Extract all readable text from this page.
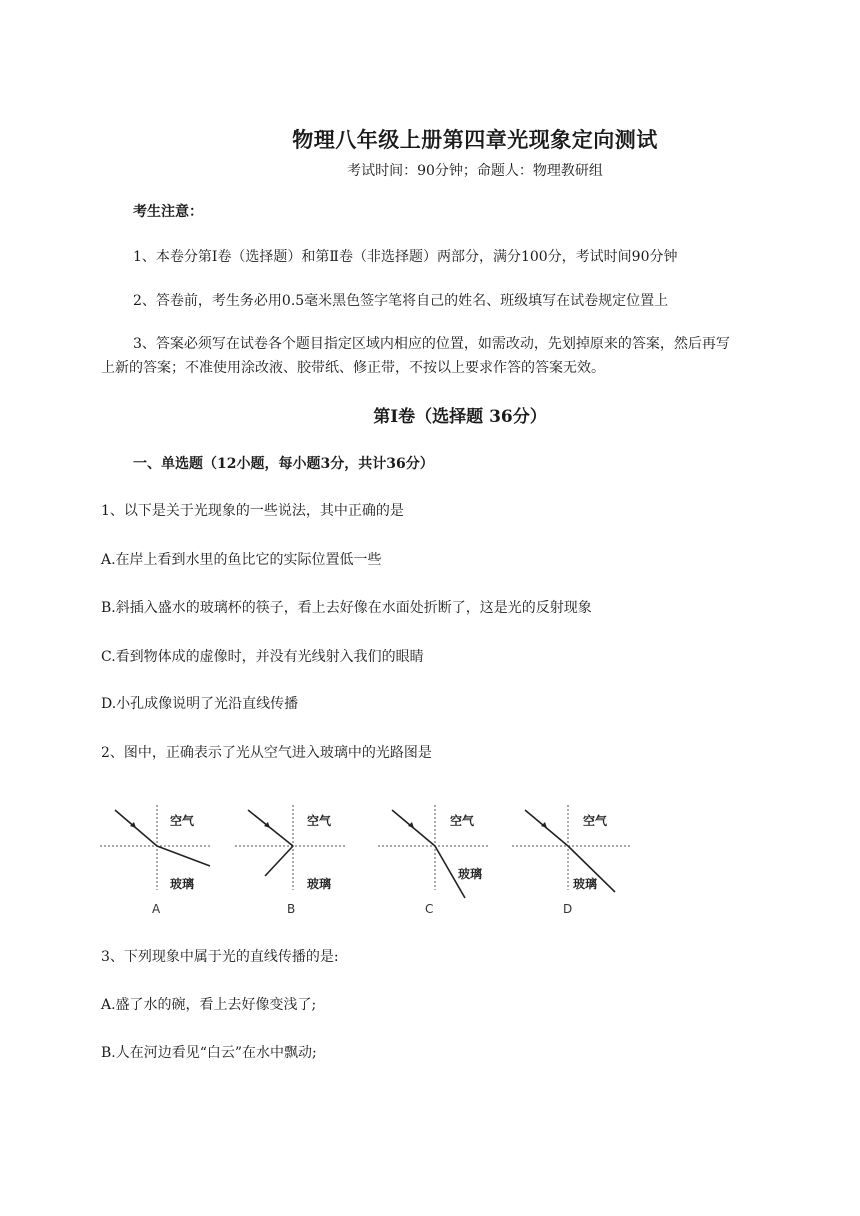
物理八年级上册第四章光现象定向测试
考试时间：90分钟；命题人：物理教研组
考生注意：
1、本卷分第Ⅰ卷（选择题）和第Ⅱ卷（非选择题）两部分，满分100分，考试时间90分钟
2、答卷前，考生务必用0.5毫米黑色签字笔将自己的姓名、班级填写在试卷规定位置上
3、答案必须写在试卷各个题目指定区域内相应的位置，如需改动，先划掉原来的答案，然后再写
上新的答案；不准使用涂改液、胶带纸、修正带，不按以上要求作答的答案无效。
第Ⅰ卷（选择题 36分）
一、单选题（12小题，每小题3分，共计36分）
1、以下是关于光现象的一些说法，其中正确的是
A.在岸上看到水里的鱼比它的实际位置低一些
B.斜插入盛水的玻璃杯的筷子，看上去好像在水面处折断了，这是光的反射现象
C.看到物体成的虚像时，并没有光线射入我们的眼睛
D.小孔成像说明了光沿直线传播
2、图中，正确表示了光从空气进入玻璃中的光路图是
空气
玻璃
A
空气
玻璃
B
空气
玻璃
C
空气
玻璃
D
3、下列现象中属于光的直线传播的是:
A.盛了水的碗，看上去好像变浅了;
B.人在河边看见“白云”在水中飘动;
